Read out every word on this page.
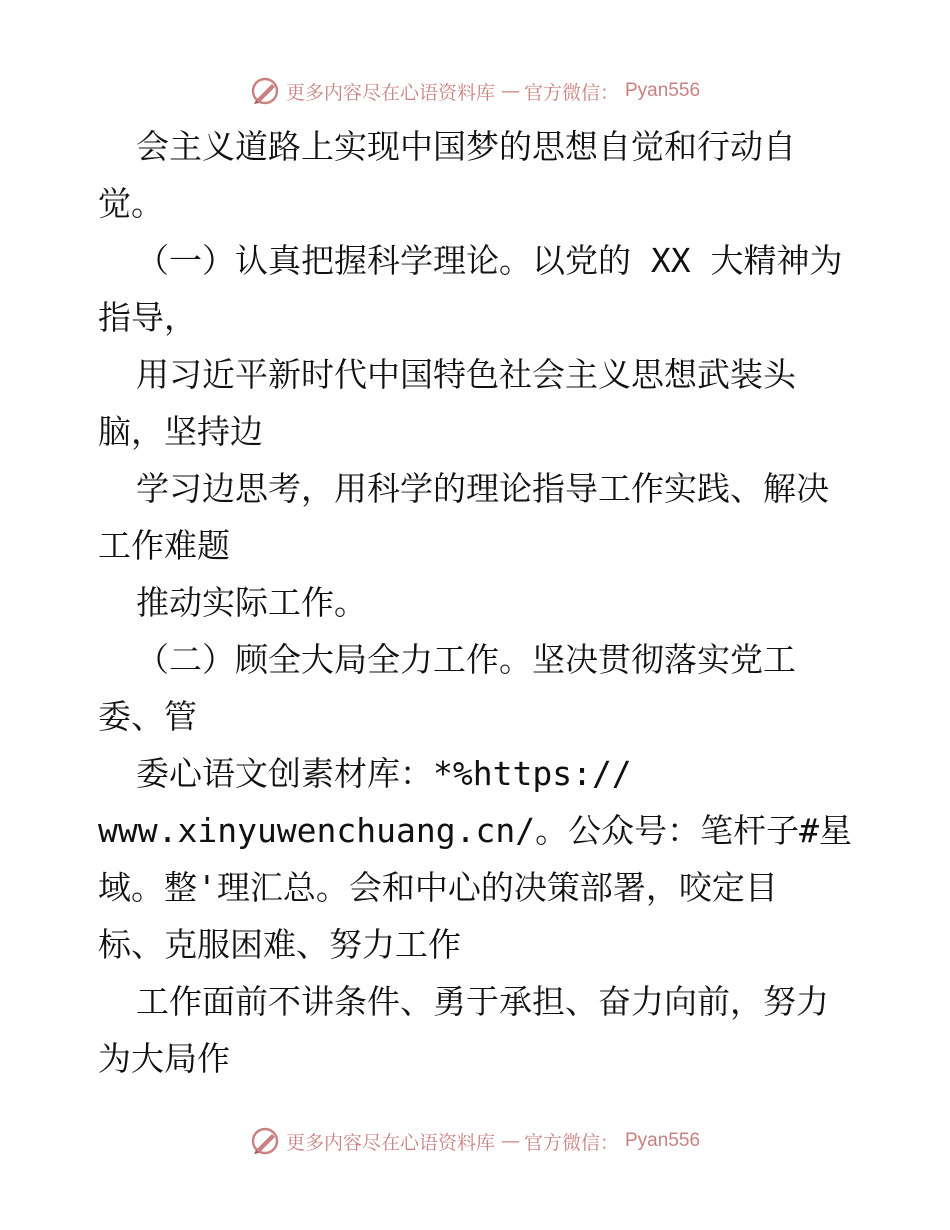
更多内容尽在心语资料库 — 官方微信： Pyan556
会主义道路上实现中国梦的思想自觉和行动自
觉。
（一）认真把握科学理论。以党的 XX 大精神为
指导，
用习近平新时代中国特色社会主义思想武装头
脑，坚持边
学习边思考，用科学的理论指导工作实践、解决
工作难题
推动实际工作。
（二）顾全大局全力工作。坚决贯彻落实党工
委、管
委心语文创素材库：*%https://
www.xinyuwenchuang.cn/。公众号：笔杆子#星
域。整'理汇总。会和中心的决策部署，咬定目
标、克服困难、努力工作
工作面前不讲条件、勇于承担、奋力向前，努力
为大局作
更多内容尽在心语资料库 — 官方微信： Pyan556
